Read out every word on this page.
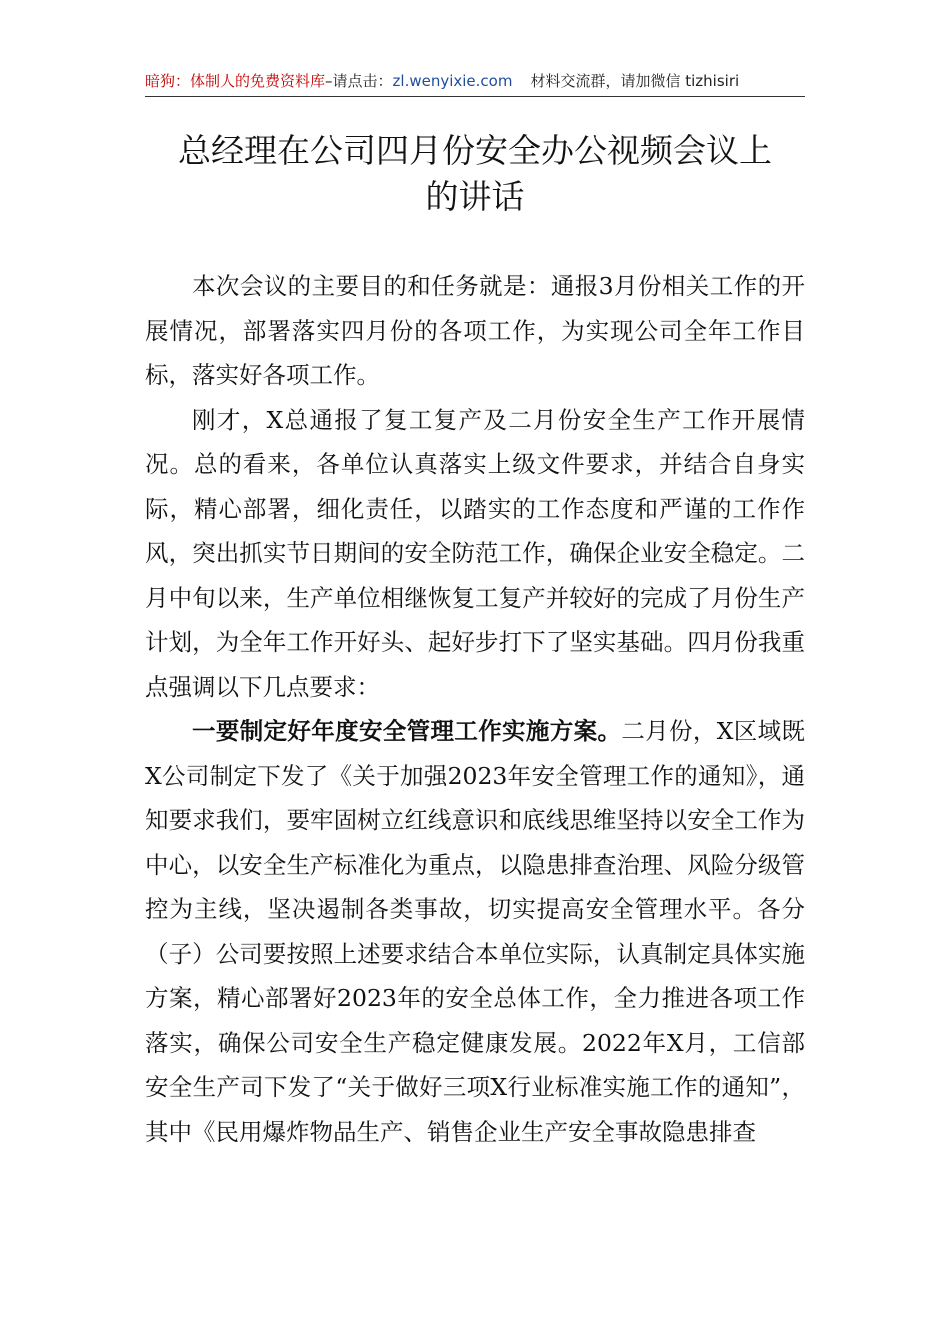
暗狗：体制人的免费资料库–请点击：zl.wenyixie.com 材料交流群，请加微信 tizhisiri
总经理在公司四月份安全办公视频会议上
的讲话

本次会议的主要目的和任务就是：通报3月份相关工作的开展情况，部署落实四月份的各项工作，为实现公司全年工作目标，落实好各项工作。

刚才，X总通报了复工复产及二月份安全生产工作开展情况。总的看来，各单位认真落实上级文件要求，并结合自身实际，精心部署，细化责任，以踏实的工作态度和严谨的工作作风，突出抓实节日期间的安全防范工作，确保企业安全稳定。二月中旬以来，生产单位相继恢复工复产并较好的完成了月份生产计划，为全年工作开好头、起好步打下了坚实基础。四月份我重点强调以下几点要求：

一要制定好年度安全管理工作实施方案。二月份，X区域既X公司制定下发了《关于加强2023年安全管理工作的通知》，通知要求我们，要牢固树立红线意识和底线思维坚持以安全工作为中心，以安全生产标准化为重点，以隐患排查治理、风险分级管控为主线，坚决遏制各类事故，切实提高安全管理水平。各分（子）公司要按照上述要求结合本单位实际，认真制定具体实施方案，精心部署好2023年的安全总体工作，全力推进各项工作落实，确保公司安全生产稳定健康发展。2022年X月，工信部安全生产司下发了“关于做好三项X行业标准实施工作的通知”，其中《民用爆炸物品生产、销售企业生产安全事故隐患排查
